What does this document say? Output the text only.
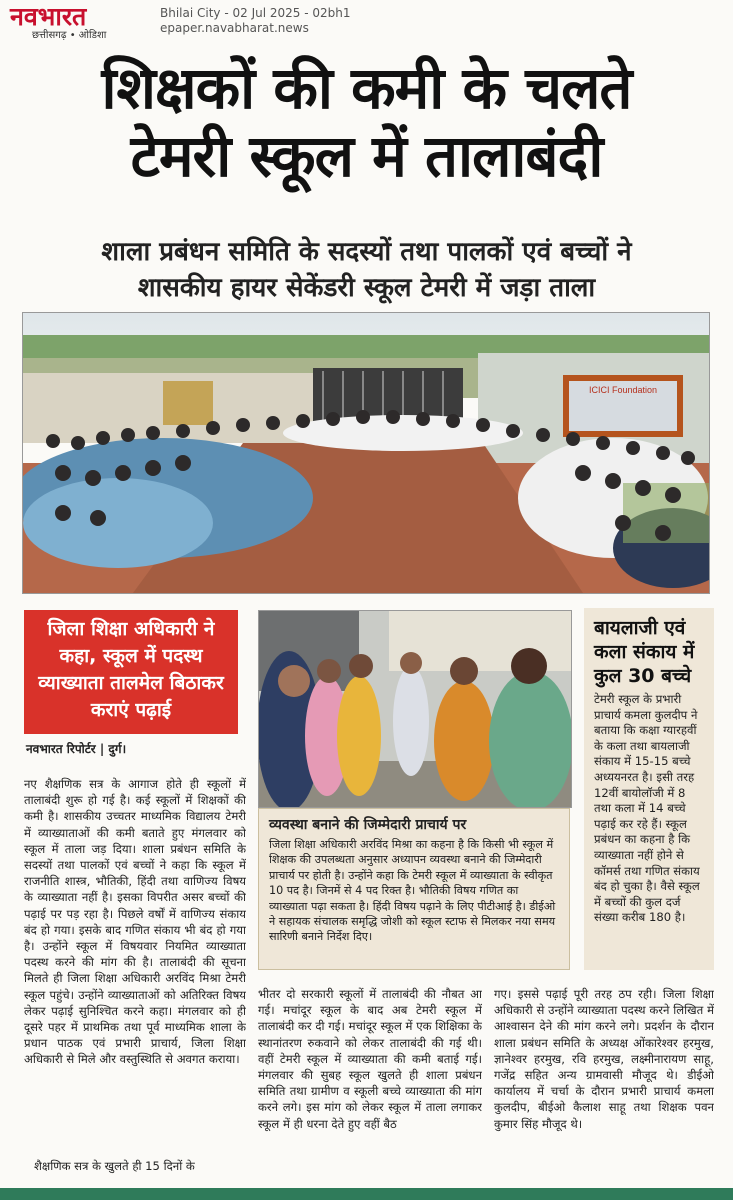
नवभारत
छत्तीसगढ़ • ओडिशा
Bhilai City - 02 Jul 2025 - 02bh1
epaper.navabharat.news
शिक्षकों की कमी के चलते
टेमरी स्कूल में तालाबंदी
शाला प्रबंधन समिति के सदस्यों तथा पालकों एवं बच्चों ने
शासकीय हायर सेकेंडरी स्कूल टेमरी में जड़ा ताला
ICICI Foundation
जिला शिक्षा अधिकारी ने कहा, स्कूल में पदस्थ व्याख्याता तालमेल बिठाकर कराएं पढ़ाई
नवभारत रिपोर्टर | दुर्ग।
नए शैक्षणिक सत्र के आगाज होते ही स्कूलों में तालाबंदी शुरू हो गई है। कई स्कूलों में शिक्षकों की कमी है। शासकीय उच्चतर माध्यमिक विद्यालय टेमरी में व्याख्याताओं की कमी बताते हुए मंगलवार को स्कूल में ताला जड़ दिया। शाला प्रबंधन समिति के सदस्यों तथा पालकों एवं बच्चों ने कहा कि स्कूल में राजनीति शास्त्र, भौतिकी, हिंदी तथा वाणिज्य विषय के व्याख्याता नहीं है। इसका विपरीत असर बच्चों की पढ़ाई पर पड़ रहा है। पिछले वर्षों में वाणिज्य संकाय बंद हो गया। इसके बाद गणित संकाय भी बंद हो गया है। उन्होंने स्कूल में विषयवार नियमित व्याख्याता पदस्थ करने की मांग की है। तालाबंदी की सूचना मिलते ही जिला शिक्षा अधिकारी अरविंद मिश्रा टेमरी स्कूल पहुंचे। उन्होंने व्याख्याताओं को अतिरिक्त विषय लेकर पढ़ाई सुनिश्चित करने कहा। मंगलवार को ही दूसरे पहर में प्राथमिक तथा पूर्व माध्यमिक शाला के प्रधान पाठक एवं प्रभारी प्राचार्य, जिला शिक्षा अधिकारी से मिले और वस्तुस्थिति से अवगत कराया।
शैक्षणिक सत्र के खुलते ही 15 दिनों के
व्यवस्था बनाने की जिम्मेदारी प्राचार्य पर
जिला शिक्षा अधिकारी अरविंद मिश्रा का कहना है कि किसी भी स्कूल में शिक्षक की उपलब्धता अनुसार अध्यापन व्यवस्था बनाने की जिम्मेदारी प्राचार्य पर होती है। उन्होंने कहा कि टेमरी स्कूल में व्याख्याता के स्वीकृत 10 पद है। जिनमें से 4 पद रिक्त है। भौतिकी विषय गणित का व्याख्याता पढ़ा सकता है। हिंदी विषय पढ़ाने के लिए पीटीआई है। डीईओ ने सहायक संचालक समृद्धि जोशी को स्कूल स्टाफ से मिलकर नया समय सारिणी बनाने निर्देश दिए।
बायलाजी एवं कला संकाय में कुल 30 बच्चे

टेमरी स्कूल के प्रभारी प्राचार्य कमला कुलदीप ने बताया कि कक्षा ग्यारहवीं के कला तथा बायलाजी संकाय में 15-15 बच्चे अध्ययनरत है। इसी तरह 12वीं बायोलॉजी में 8 तथा कला में 14 बच्चे पढ़ाई कर रहे हैं। स्कूल प्रबंधन का कहना है कि व्याख्याता नहीं होने से कॉमर्स तथा गणित संकाय बंद हो चुका है। वैसे स्कूल में बच्चों की कुल दर्ज संख्या करीब 180 है।

भीतर दो सरकारी स्कूलों में तालाबंदी की नौबत आ गई। मचांदूर स्कूल के बाद अब टेमरी स्कूल में तालाबंदी कर दी गई। मचांदूर स्कूल में एक शिक्षिका के स्थानांतरण रुकवाने को लेकर तालाबंदी की गई थी। वहीं टेमरी स्कूल में व्याख्याता की कमी बताई गई। मंगलवार की सुबह स्कूल खुलते ही शाला प्रबंधन समिति तथा ग्रामीण व स्कूली बच्चे व्याख्याता की मांग करने लगे। इस मांग को लेकर स्कूल में ताला लगाकर स्कूल में ही धरना देते हुए वहीं बैठ
गए। इससे पढ़ाई पूरी तरह ठप रही। जिला शिक्षा अधिकारी से उन्होंने व्याख्याता पदस्थ करने लिखित में आश्वासन देने की मांग करने लगे। प्रदर्शन के दौरान शाला प्रबंधन समिति के अध्यक्ष ओंकारेश्वर हरमुख, ज्ञानेश्वर हरमुख, रवि हरमुख, लक्ष्मीनारायण साहू, गजेंद्र सहित अन्य ग्रामवासी मौजूद थे। डीईओ कार्यालय में चर्चा के दौरान प्रभारी प्राचार्य कमला कुलदीप, बीईओ कैलाश साहू तथा शिक्षक पवन कुमार सिंह मौजूद थे।
